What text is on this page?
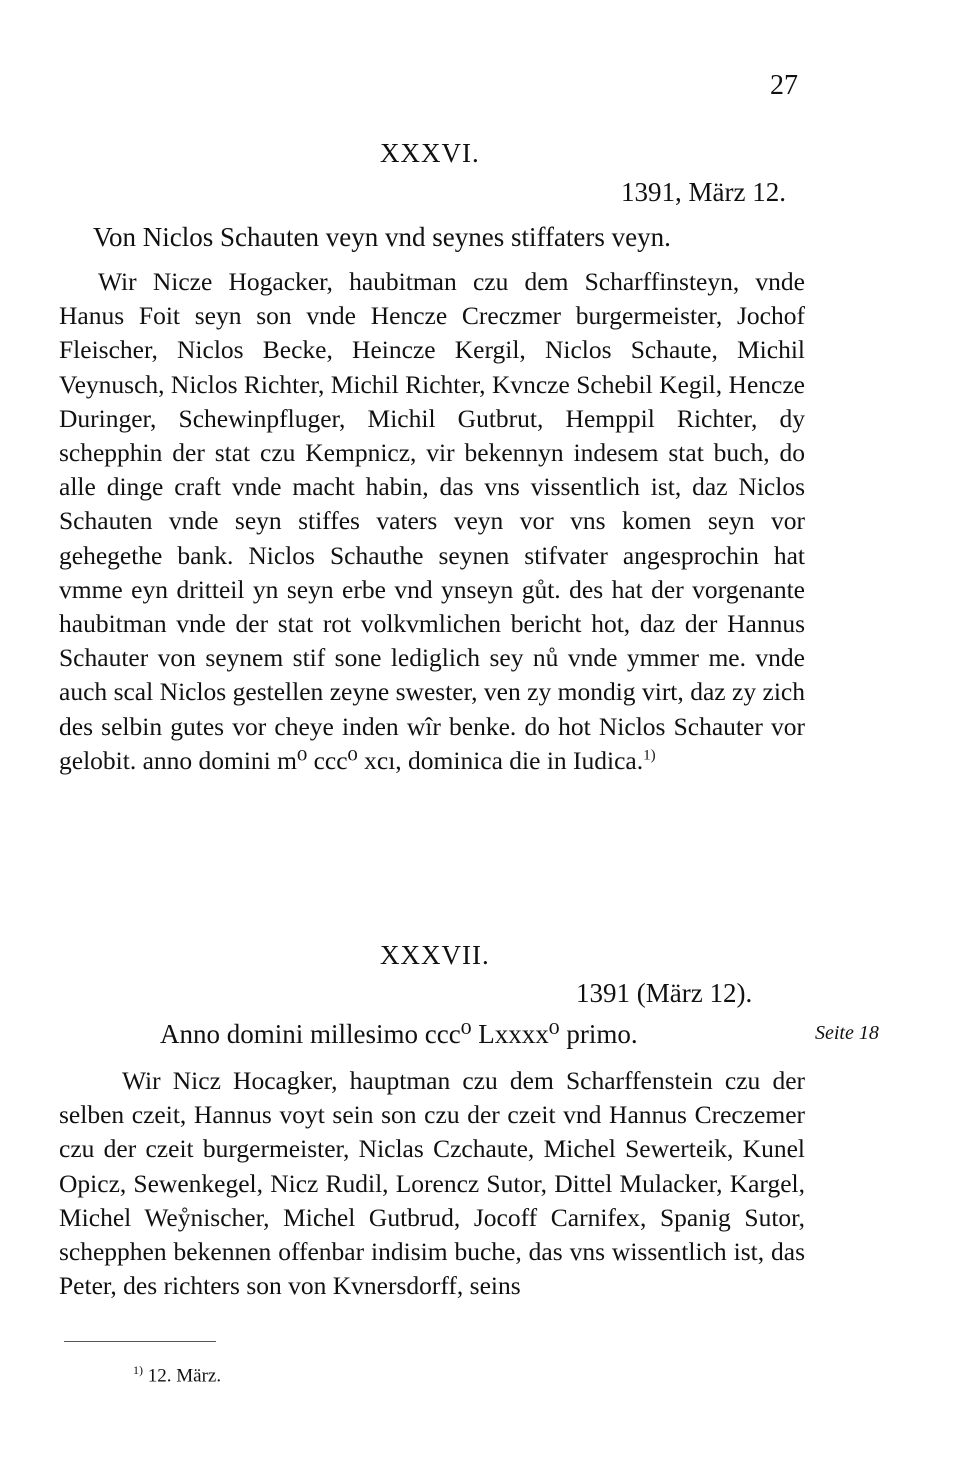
27
XXXVI.
1391, März 12.
Von Niclos Schauten veyn vnd seynes stiffaters veyn.

Wir Nicze Hogacker, haubitman czu dem Scharffinsteyn, vnde Hanus Foit seyn son vnde Hencze Creczmer burgermeister, Jochof Fleischer, Niclos Becke, Heincze Kergil, Niclos Schaute, Michil Veynusch, Niclos Richter, Michil Richter, Kvncze Schebil Kegil, Hencze Duringer, Schewinpfluger, Michil Gutbrut, Hemppil Richter, dy schepphin der stat czu Kempnicz, vir bekennyn indesem stat buch, do alle dinge craft vnde macht habin, das vns vissentlich ist, daz Niclos Schauten vnde seyn stiffes vaters veyn vor vns komen seyn vor gehegethe bank. Niclos Schauthe seynen stifvater angesprochin hat vmme eyn dritteil yn seyn erbe vnd ynseyn gůt. des hat der vorgenante haubitman vnde der stat rot volkvmlichen bericht hot, daz der Hannus Schauter von seynem stif sone lediglich sey nů vnde ymmer me. vnde auch scal Niclos gestellen zeyne swester, ven zy mondig virt, daz zy zich des selbin gutes vor cheye inden wîr benke. do hot Niclos Schauter vor gelobit. anno domini m⁰ ccc⁰ xcı, dominica die in Iudica.$^{1)}$

XXXVII.
1391 (März 12).
Anno domini millesimo ccc⁰ Lxxxx⁰ primo.	Seite 18

Wir Nicz Hocagker, hauptman czu dem Scharffenstein czu der selben czeit, Hannus voyt sein son czu der czeit vnd Hannus Creczemer czu der czeit burgermeister, Niclas Czchaute, Michel Sewerteik, Kunel Opicz, Sewenkegel, Nicz Rudil, Lorencz Sutor, Dittel Mulacker, Kargel, Michel Weẙnischer, Michel Gutbrud, Jocoff Carnifex, Spanig Sutor, schepphen bekennen offenbar indisim buche, das vns wissentlich ist, das Peter, des richters son von Kvnersdorff, seins

$^{1)}$ 12. März.
